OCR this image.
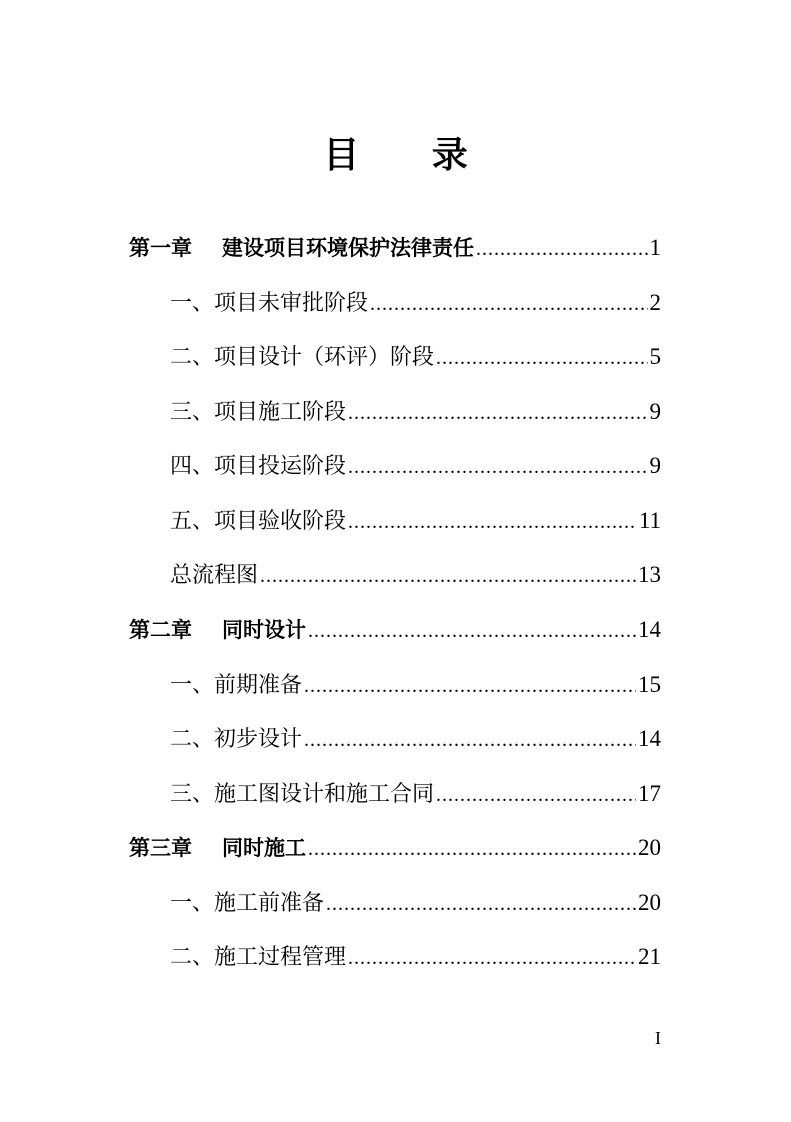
目 录
第一章 建设项目环境保护法律责任 .....	1
一、项目未审批阶段 .....	2
二、项目设计（环评）阶段 .....	5
三、项目施工阶段 .....	9
四、项目投运阶段 .....	9
五、项目验收阶段 .....	11
总流程图 .....	13
第二章 同时设计 .....	14
一、前期准备 .....	15
二、初步设计 .....	14
三、施工图设计和施工合同 .....	17
第三章 同时施工 .....	20
一、施工前准备 .....	20
二、施工过程管理 .....	21
I
